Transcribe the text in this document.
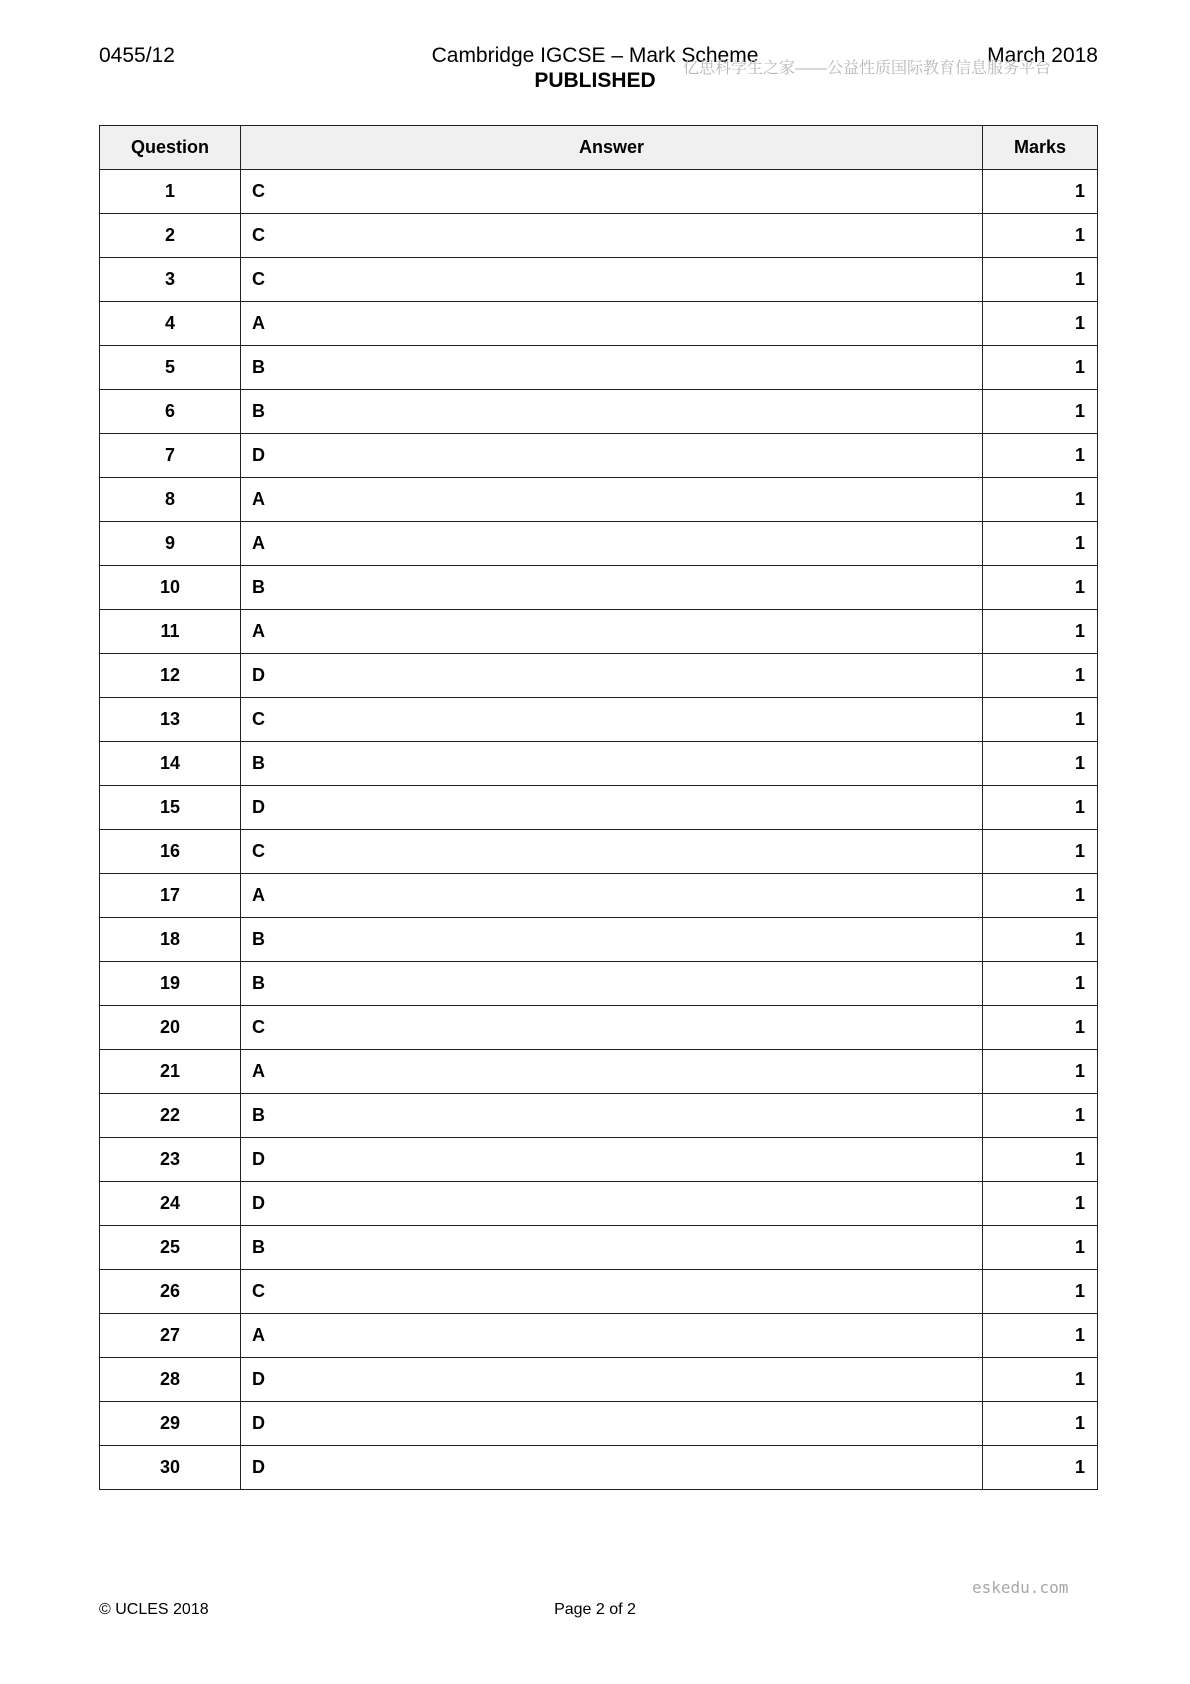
0455/12	Cambridge IGCSE – Mark Scheme	March 2018
PUBLISHED
亿思科学生之家——公益性质国际教育信息服务平台
Question	Answer	Marks
1	C	1
2	C	1
3	C	1
4	A	1
5	B	1
6	B	1
7	D	1
8	A	1
9	A	1
10	B	1
11	A	1
12	D	1
13	C	1
14	B	1
15	D	1
16	C	1
17	A	1
18	B	1
19	B	1
20	C	1
21	A	1
22	B	1
23	D	1
24	D	1
25	B	1
26	C	1
27	A	1
28	D	1
29	D	1
30	D	1
eskedu.com
© UCLES 2018	Page 2 of 2
